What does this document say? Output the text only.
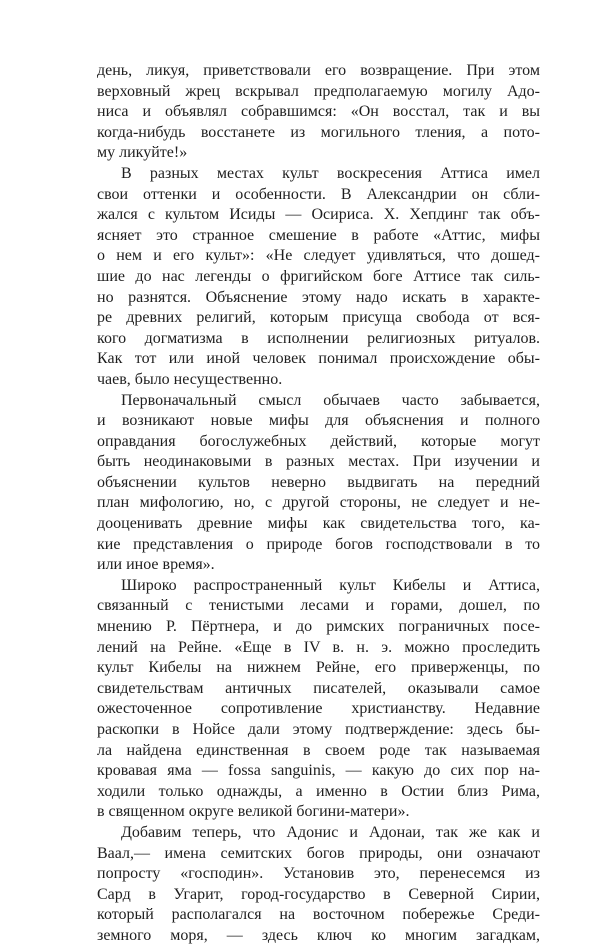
день, ликуя, приветствовали его возвращение. При этом
верховный жрец вскрывал предполагаемую могилу Адо-
ниса и объявлял собравшимся: «Он восстал, так и вы
когда-нибудь восстанете из могильного тления, а пото-
му ликуйте!»
В разных местах культ воскресения Аттиса имел
свои оттенки и особенности. В Александрии он сбли-
жался с культом Исиды — Осириса. Х. Хепдинг так объ-
ясняет это странное смешение в работе «Аттис, мифы
о нем и его культ»: «Не следует удивляться, что дошед-
шие до нас легенды о фригийском боге Аттисе так силь-
но разнятся. Объяснение этому надо искать в характе-
ре древних религий, которым присуща свобода от вся-
кого догматизма в исполнении религиозных ритуалов.
Как тот или иной человек понимал происхождение обы-
чаев, было несущественно.
Первоначальный смысл обычаев часто забывается,
и возникают новые мифы для объяснения и полного
оправдания богослужебных действий, которые могут
быть неодинаковыми в разных местах. При изучении и
объяснении культов неверно выдвигать на передний
план мифологию, но, с другой стороны, не следует и не-
дооценивать древние мифы как свидетельства того, ка-
кие представления о природе богов господствовали в то
или иное время».
Широко распространенный культ Кибелы и Аттиса,
связанный с тенистыми лесами и горами, дошел, по
мнению Р. Пёртнера, и до римских пограничных посе-
лений на Рейне. «Еще в IV в. н. э. можно проследить
культ Кибелы на нижнем Рейне, его приверженцы, по
свидетельствам античных писателей, оказывали самое
ожесточенное сопротивление христианству. Недавние
раскопки в Нойсе дали этому подтверждение: здесь бы-
ла найдена единственная в своем роде так называемая
кровавая яма — fossa sanguinis, — какую до сих пор на-
ходили только однажды, а именно в Остии близ Рима,
в священном округе великой богини-матери».
Добавим теперь, что Адонис и Адонаи, так же как и
Ваал,— имена семитских богов природы, они означают
попросту «господин». Установив это, перенесемся из
Сард в Угарит, город-государство в Северной Сирии,
который располагался на восточном побережье Среди-
земного моря, — здесь ключ ко многим загадкам,
